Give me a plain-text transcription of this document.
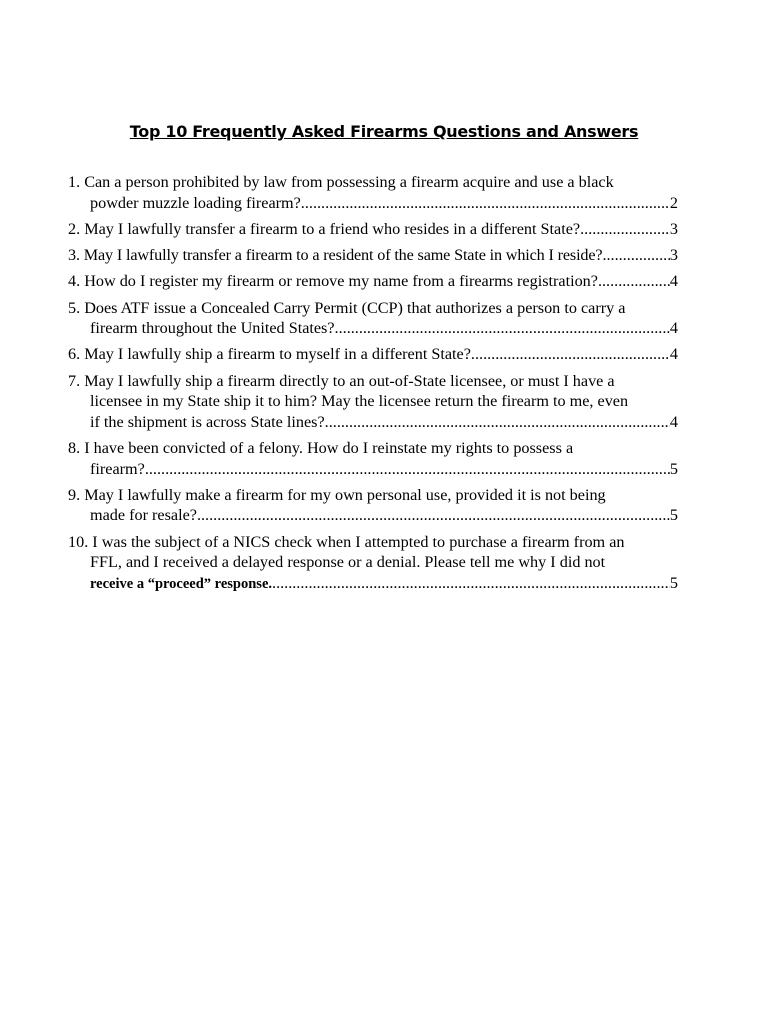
Top 10 Frequently Asked Firearms Questions and Answers
1. Can a person prohibited by law from possessing a firearm acquire and use a black
powder muzzle loading firearm? .....	2
2. May I lawfully transfer a firearm to a friend who resides in a different State? .....	3
3. May I lawfully transfer a firearm to a resident of the same State in which I reside? .....	3
4. How do I register my firearm or remove my name from a firearms registration? .....	4
5. Does ATF issue a Concealed Carry Permit (CCP) that authorizes a person to carry a
firearm throughout the United States? .....	4
6. May I lawfully ship a firearm to myself in a different State? .....	4
7. May I lawfully ship a firearm directly to an out-of-State licensee, or must I have a
licensee in my State ship it to him? May the licensee return the firearm to me, even
if the shipment is across State lines? .....	4
8. I have been convicted of a felony. How do I reinstate my rights to possess a
firearm? .....	5
9. May I lawfully make a firearm for my own personal use, provided it is not being
made for resale? .....	5
10. I was the subject of a NICS check when I attempted to purchase a firearm from an
FFL, and I received a delayed response or a denial. Please tell me why I did not
receive a “proceed” response. .....	5
